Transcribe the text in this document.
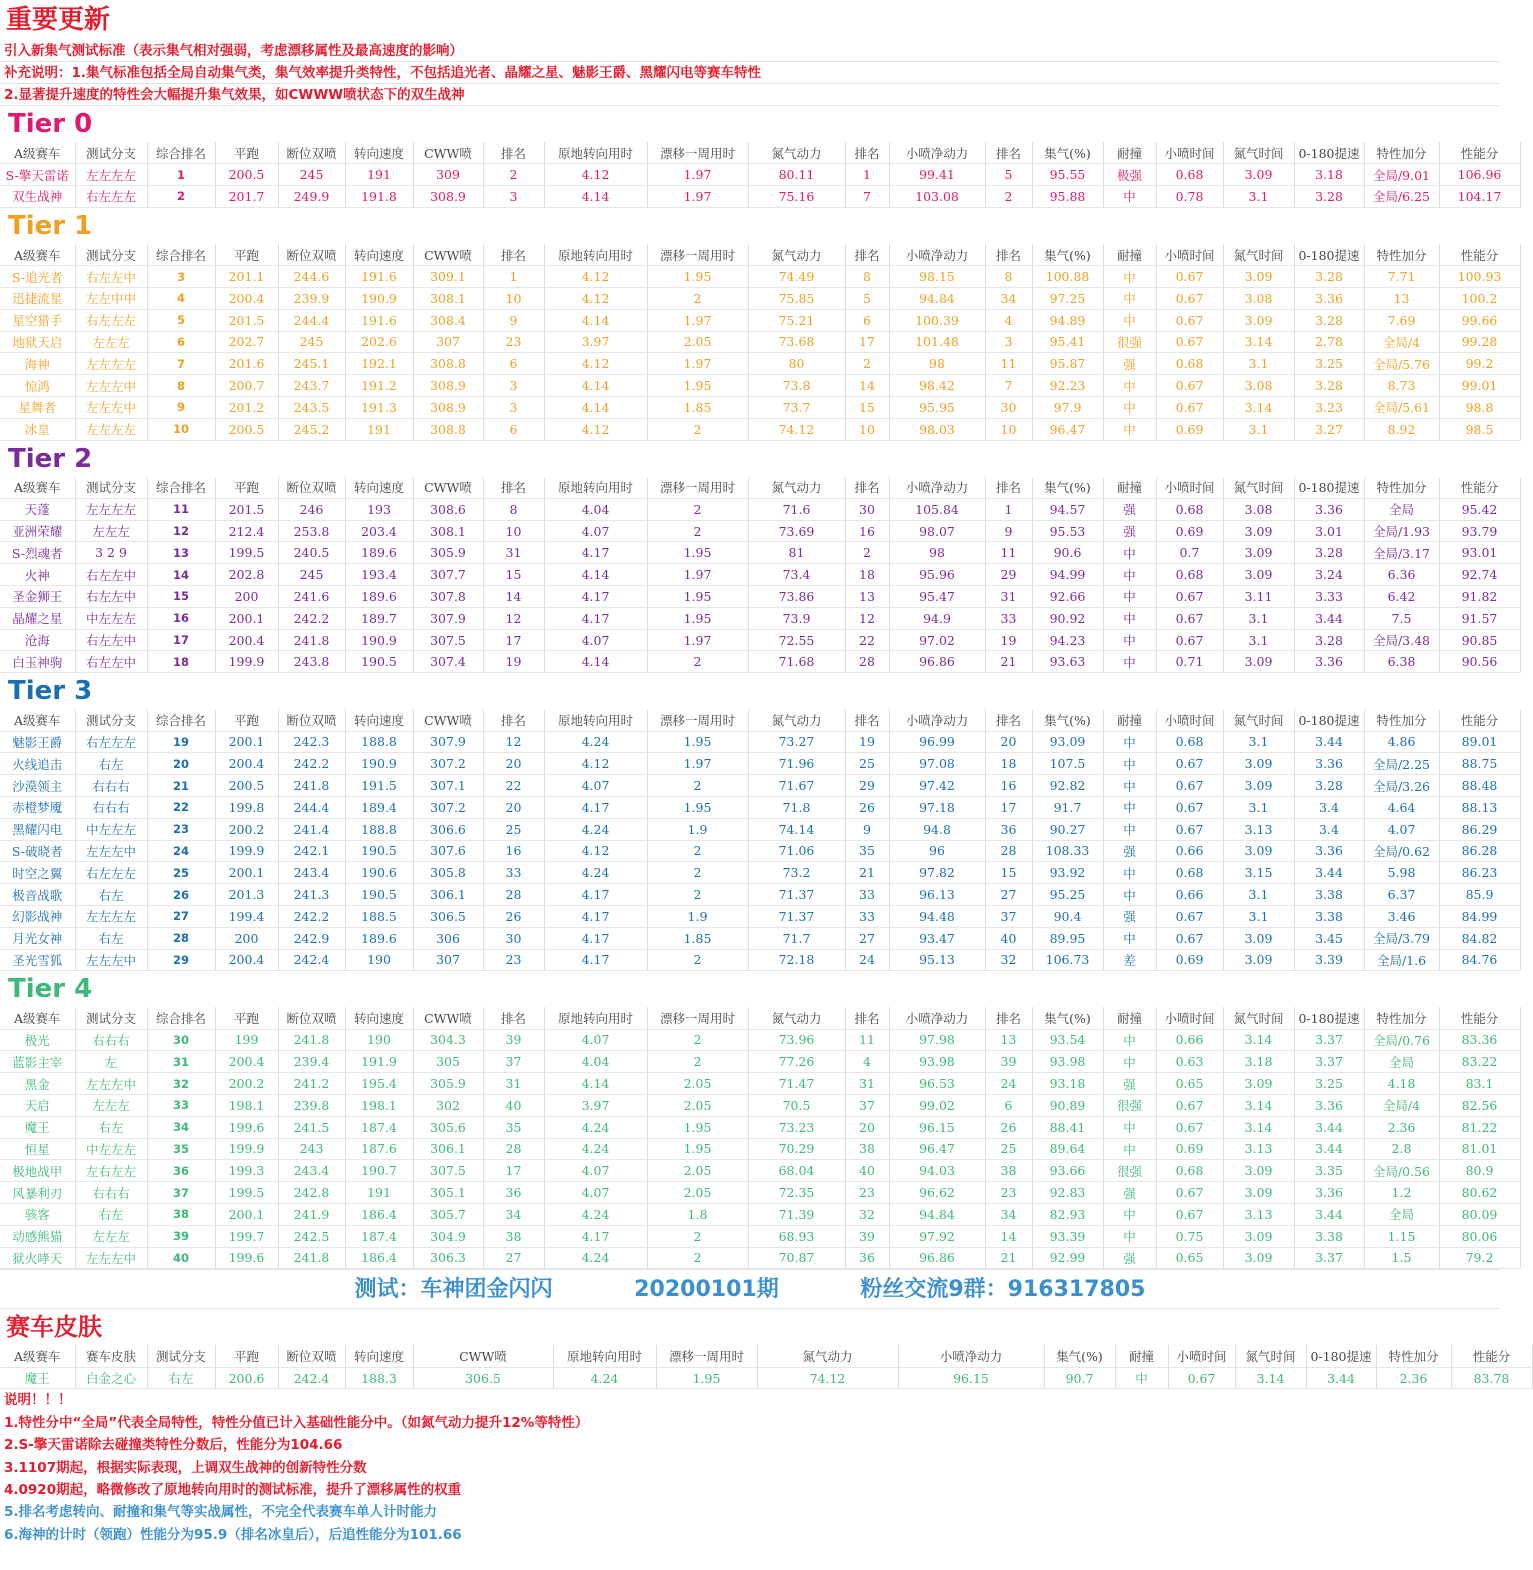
重要更新
引入新集气测试标准（表示集气相对强弱，考虑漂移属性及最高速度的影响）
补充说明：1.集气标准包括全局自动集气类，集气效率提升类特性，不包括追光者、晶耀之星、魅影王爵、黑耀闪电等赛车特性
2.显著提升速度的特性会大幅提升集气效果，如CWWW喷状态下的双生战神
Tier 0
A级赛车	测试分支	综合排名	平跑	断位双喷	转向速度	CWW喷	排名	原地转向用时	漂移一周用时	氮气动力	排名	小喷净动力	排名	集气(%)	耐撞	小喷时间	氮气时间	0-180提速	特性加分	性能分
S-擎天雷诺	左左左左	1	200.5	245	191	309	2	4.12	1.97	80.11	1	99.41	5	95.55	极强	0.68	3.09	3.18	全局/9.01	106.96
双生战神	右左左左	2	201.7	249.9	191.8	308.9	3	4.14	1.97	75.16	7	103.08	2	95.88	中	0.78	3.1	3.28	全局/6.25	104.17
Tier 1
A级赛车	测试分支	综合排名	平跑	断位双喷	转向速度	CWW喷	排名	原地转向用时	漂移一周用时	氮气动力	排名	小喷净动力	排名	集气(%)	耐撞	小喷时间	氮气时间	0-180提速	特性加分	性能分
S-追光者	右左左中	3	201.1	244.6	191.6	309.1	1	4.12	1.95	74.49	8	98.15	8	100.88	中	0.67	3.09	3.28	7.71	100.93
迅捷流星	左左中中	4	200.4	239.9	190.9	308.1	10	4.12	2	75.85	5	94.84	34	97.25	中	0.67	3.08	3.36	13	100.2
星空猎手	右左左左	5	201.5	244.4	191.6	308.4	9	4.14	1.97	75.21	6	100.39	4	94.89	中	0.67	3.09	3.28	7.69	99.66
地狱天启	左左左	6	202.7	245	202.6	307	23	3.97	2.05	73.68	17	101.48	3	95.41	很强	0.67	3.14	2.78	全局/4	99.28
海神	左左左左	7	201.6	245.1	192.1	308.8	6	4.12	1.97	80	2	98	11	95.87	强	0.68	3.1	3.25	全局/5.76	99.2
惊鸿	左左左中	8	200.7	243.7	191.2	308.9	3	4.14	1.95	73.8	14	98.42	7	92.23	中	0.67	3.08	3.28	8.73	99.01
星舞者	左左左中	9	201.2	243.5	191.3	308.9	3	4.14	1.85	73.7	15	95.95	30	97.9	中	0.67	3.14	3.23	全局/5.61	98.8
冰皇	左左左左	10	200.5	245.2	191	308.8	6	4.12	2	74.12	10	98.03	10	96.47	中	0.69	3.1	3.27	8.92	98.5
Tier 2
A级赛车	测试分支	综合排名	平跑	断位双喷	转向速度	CWW喷	排名	原地转向用时	漂移一周用时	氮气动力	排名	小喷净动力	排名	集气(%)	耐撞	小喷时间	氮气时间	0-180提速	特性加分	性能分
天蓬	左左左左	11	201.5	246	193	308.6	8	4.04	2	71.6	30	105.84	1	94.57	强	0.68	3.08	3.36	全局	95.42
亚洲荣耀	左左左	12	212.4	253.8	203.4	308.1	10	4.07	2	73.69	16	98.07	9	95.53	强	0.69	3.09	3.01	全局/1.93	93.79
S-烈魂者	3 2 9	13	199.5	240.5	189.6	305.9	31	4.17	1.95	81	2	98	11	90.6	中	0.7	3.09	3.28	全局/3.17	93.01
火神	右左左中	14	202.8	245	193.4	307.7	15	4.14	1.97	73.4	18	95.96	29	94.99	中	0.68	3.09	3.24	6.36	92.74
圣金狮王	右左左中	15	200	241.6	189.6	307.8	14	4.17	1.95	73.86	13	95.47	31	92.66	中	0.67	3.11	3.33	6.42	91.82
晶耀之星	中左左左	16	200.1	242.2	189.7	307.9	12	4.17	1.95	73.9	12	94.9	33	90.92	中	0.67	3.1	3.44	7.5	91.57
沧海	右左左中	17	200.4	241.8	190.9	307.5	17	4.07	1.97	72.55	22	97.02	19	94.23	中	0.67	3.1	3.28	全局/3.48	90.85
白玉神驹	右左左中	18	199.9	243.8	190.5	307.4	19	4.14	2	71.68	28	96.86	21	93.63	中	0.71	3.09	3.36	6.38	90.56
Tier 3
A级赛车	测试分支	综合排名	平跑	断位双喷	转向速度	CWW喷	排名	原地转向用时	漂移一周用时	氮气动力	排名	小喷净动力	排名	集气(%)	耐撞	小喷时间	氮气时间	0-180提速	特性加分	性能分
魅影王爵	右左左左	19	200.1	242.3	188.8	307.9	12	4.24	1.95	73.27	19	96.99	20	93.09	中	0.68	3.1	3.44	4.86	89.01
火线追击	右左	20	200.4	242.2	190.9	307.2	20	4.12	1.97	71.96	25	97.08	18	107.5	中	0.67	3.09	3.36	全局/2.25	88.75
沙漠领主	右右右	21	200.5	241.8	191.5	307.1	22	4.07	2	71.67	29	97.42	16	92.82	中	0.67	3.09	3.28	全局/3.26	88.48
赤橙梦魇	右右右	22	199.8	244.4	189.4	307.2	20	4.17	1.95	71.8	26	97.18	17	91.7	中	0.67	3.1	3.4	4.64	88.13
黑耀闪电	中左左左	23	200.2	241.4	188.8	306.6	25	4.24	1.9	74.14	9	94.8	36	90.27	中	0.67	3.13	3.4	4.07	86.29
S-破晓者	左左左中	24	199.9	242.1	190.5	307.6	16	4.12	2	71.06	35	96	28	108.33	强	0.66	3.09	3.36	全局/0.62	86.28
时空之翼	右左左左	25	200.1	243.4	190.6	305.8	33	4.24	2	73.2	21	97.82	15	93.92	中	0.68	3.15	3.44	5.98	86.23
极音战歌	右左	26	201.3	241.3	190.5	306.1	28	4.17	2	71.37	33	96.13	27	95.25	中	0.66	3.1	3.38	6.37	85.9
幻影战神	左左左左	27	199.4	242.2	188.5	306.5	26	4.17	1.9	71.37	33	94.48	37	90.4	强	0.67	3.1	3.38	3.46	84.99
月光女神	右左	28	200	242.9	189.6	306	30	4.17	1.85	71.7	27	93.47	40	89.95	中	0.67	3.09	3.45	全局/3.79	84.82
圣光雪狐	左左左中	29	200.4	242.4	190	307	23	4.17	2	72.18	24	95.13	32	106.73	差	0.69	3.09	3.39	全局/1.6	84.76
Tier 4
A级赛车	测试分支	综合排名	平跑	断位双喷	转向速度	CWW喷	排名	原地转向用时	漂移一周用时	氮气动力	排名	小喷净动力	排名	集气(%)	耐撞	小喷时间	氮气时间	0-180提速	特性加分	性能分
极光	右右右	30	199	241.8	190	304.3	39	4.07	2	73.96	11	97.98	13	93.54	中	0.66	3.14	3.37	全局/0.76	83.36
蓝影主宰	左	31	200.4	239.4	191.9	305	37	4.04	2	77.26	4	93.98	39	93.98	中	0.63	3.18	3.37	全局	83.22
黑金	左左左中	32	200.2	241.2	195.4	305.9	31	4.14	2.05	71.47	31	96.53	24	93.18	强	0.65	3.09	3.25	4.18	83.1
天启	左左左	33	198.1	239.8	198.1	302	40	3.97	2.05	70.5	37	99.02	6	90.89	很强	0.67	3.14	3.36	全局/4	82.56
魔王	右左	34	199.6	241.5	187.4	305.6	35	4.24	1.95	73.23	20	96.15	26	88.41	中	0.67	3.14	3.44	2.36	81.22
恒星	中左左左	35	199.9	243	187.6	306.1	28	4.24	1.95	70.29	38	96.47	25	89.64	中	0.69	3.13	3.44	2.8	81.01
极地战甲	左右左左	36	199.3	243.4	190.7	307.5	17	4.07	2.05	68.04	40	94.03	38	93.66	很强	0.68	3.09	3.35	全局/0.56	80.9
风暴利刃	右右右	37	199.5	242.8	191	305.1	36	4.07	2.05	72.35	23	96.62	23	92.83	强	0.67	3.09	3.36	1.2	80.62
骇客	右左	38	200.1	241.9	186.4	305.7	34	4.24	1.8	71.39	32	94.84	34	82.93	中	0.67	3.13	3.44	全局	80.09
动感熊猫	左左左	39	199.7	242.5	187.4	304.9	38	4.17	2	68.93	39	97.92	14	93.39	中	0.75	3.09	3.38	1.15	80.06
狱火哮天	左左左中	40	199.6	241.8	186.4	306.3	27	4.24	2	70.87	36	96.86	21	92.99	强	0.65	3.09	3.37	1.5	79.2
测试：车神团金闪闪	20200101期	粉丝交流9群：916317805
赛车皮肤
A级赛车	赛车皮肤	测试分支	平跑	断位双喷	转向速度	CWW喷	原地转向用时	漂移一周用时	氮气动力	小喷净动力	集气(%)	耐撞	小喷时间	氮气时间	0-180提速	特性加分	性能分
魔王	白金之心	右左	200.6	242.4	188.3	306.5	4.24	1.95	74.12	96.15	90.7	中	0.67	3.14	3.44	2.36	83.78
说明！！！
1.特性分中“全局”代表全局特性，特性分值已计入基础性能分中。（如氮气动力提升12%等特性）
2.S-擎天雷诺除去碰撞类特性分数后，性能分为104.66
3.1107期起，根据实际表现，上调双生战神的创新特性分数
4.0920期起，略微修改了原地转向用时的测试标准，提升了漂移属性的权重
5.排名考虑转向、耐撞和集气等实战属性，不完全代表赛车单人计时能力
6.海神的计时（领跑）性能分为95.9（排名冰皇后），后追性能分为101.66
